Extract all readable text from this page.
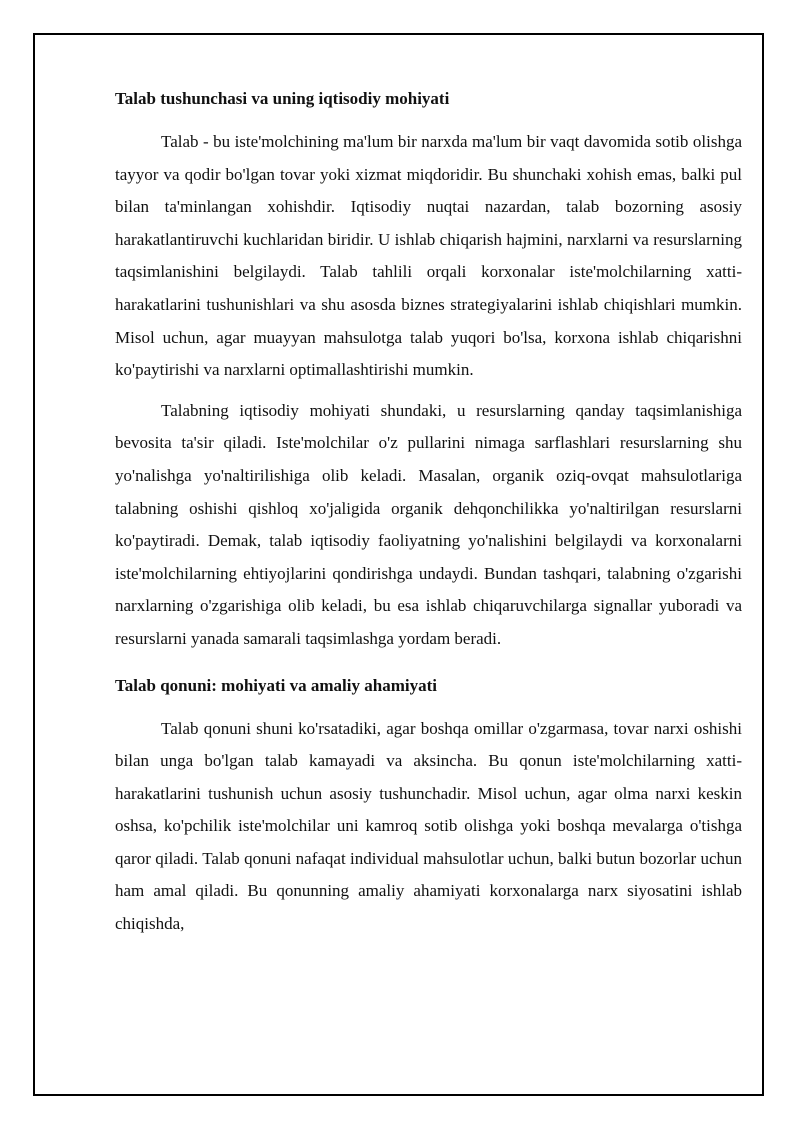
Talab tushunchasi va uning iqtisodiy mohiyati

Talab - bu iste'molchining ma'lum bir narxda ma'lum bir vaqt davomida sotib olishga tayyor va qodir bo'lgan tovar yoki xizmat miqdoridir. Bu shunchaki xohish emas, balki pul bilan ta'minlangan xohishdir. Iqtisodiy nuqtai nazardan, talab bozorning asosiy harakatlantiruvchi kuchlaridan biridir. U ishlab chiqarish hajmini, narxlarni va resurslarning taqsimlanishini belgilaydi. Talab tahlili orqali korxonalar iste'molchilarning xatti-harakatlarini tushunishlari va shu asosda biznes strategiyalarini ishlab chiqishlari mumkin. Misol uchun, agar muayyan mahsulotga talab yuqori bo'lsa, korxona ishlab chiqarishni ko'paytirishi va narxlarni optimallashtirishi mumkin.

Talabning iqtisodiy mohiyati shundaki, u resurslarning qanday taqsimlanishiga bevosita ta'sir qiladi. Iste'molchilar o'z pullarini nimaga sarflashlari resurslarning shu yo'nalishga yo'naltirilishiga olib keladi. Masalan, organik oziq-ovqat mahsulotlariga talabning oshishi qishloq xo'jaligida organik dehqonchilikka yo'naltirilgan resurslarni ko'paytiradi. Demak, talab iqtisodiy faoliyatning yo'nalishini belgilaydi va korxonalarni iste'molchilarning ehtiyojlarini qondirishga undaydi. Bundan tashqari, talabning o'zgarishi narxlarning o'zgarishiga olib keladi, bu esa ishlab chiqaruvchilarga signallar yuboradi va resurslarni yanada samarali taqsimlashga yordam beradi.

Talab qonuni: mohiyati va amaliy ahamiyati

Talab qonuni shuni ko'rsatadiki, agar boshqa omillar o'zgarmasa, tovar narxi oshishi bilan unga bo'lgan talab kamayadi va aksincha. Bu qonun iste'molchilarning xatti-harakatlarini tushunish uchun asosiy tushunchadir. Misol uchun, agar olma narxi keskin oshsa, ko'pchilik iste'molchilar uni kamroq sotib olishga yoki boshqa mevalarga o'tishga qaror qiladi. Talab qonuni nafaqat individual mahsulotlar uchun, balki butun bozorlar uchun ham amal qiladi. Bu qonunning amaliy ahamiyati korxonalarga narx siyosatini ishlab chiqishda,
